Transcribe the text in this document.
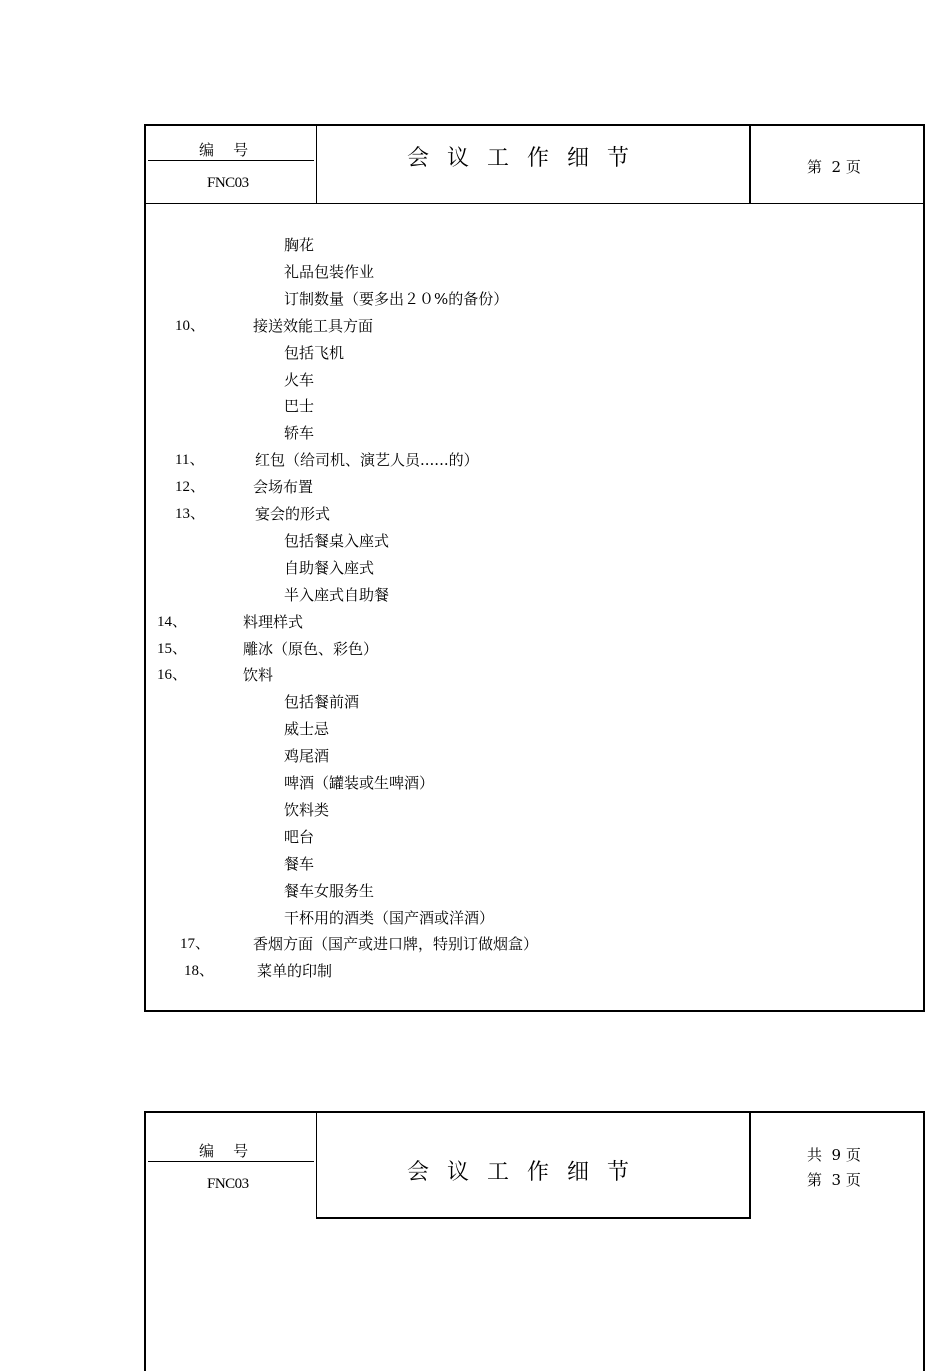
编    号
FNC03
会议工作细节	第  2 页
胸花
礼品包装作业
订制数量（要多出２０%的备份）
10、	接送效能工具方面
包括飞机
火车
巴士
轿车
11、	红包（给司机、演艺人员......的）
12、	会场布置
13、	宴会的形式
包括餐桌入座式
自助餐入座式
半入座式自助餐
14、	料理样式
15、	雕冰（原色、彩色）
16、	饮料
包括餐前酒
威士忌
鸡尾酒
啤酒（罐装或生啤酒）
饮料类
吧台
餐车
餐车女服务生
干杯用的酒类（国产酒或洋酒）
17、	香烟方面（国产或进口牌，特别订做烟盒）
18、	菜单的印制
编    号
FNC03	会议工作细节
共  9 页
第  3 页
